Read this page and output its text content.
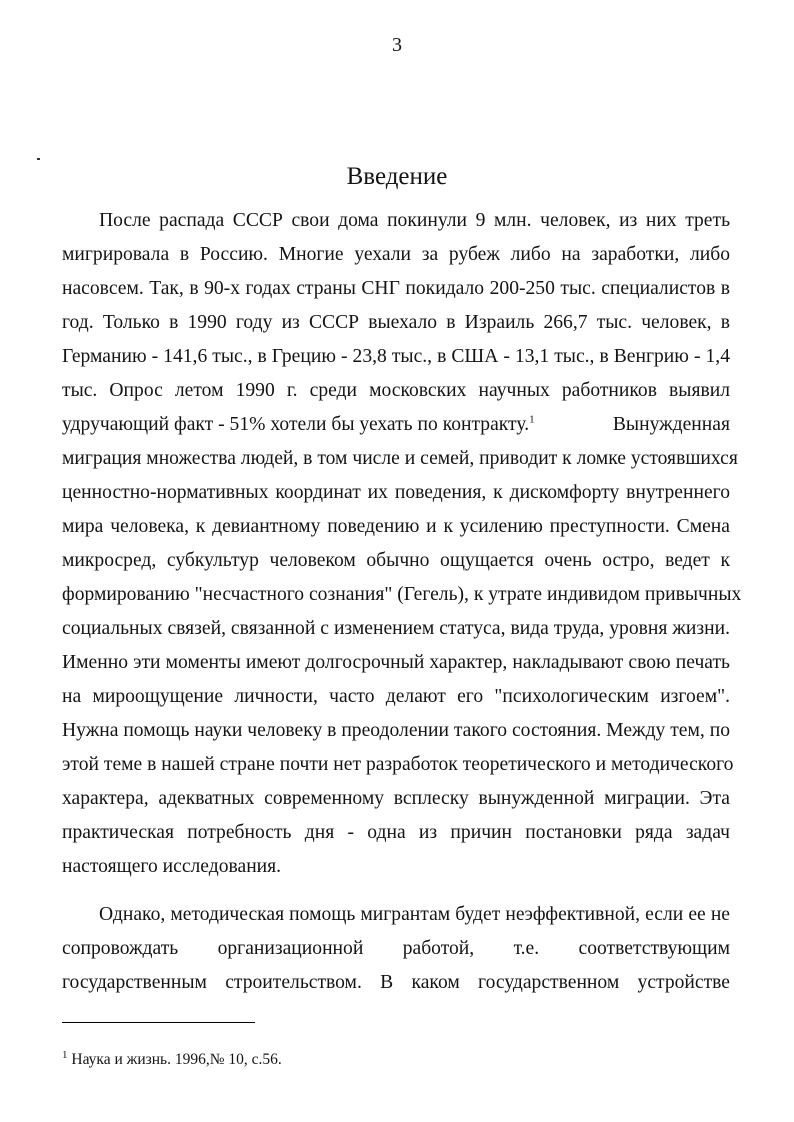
3
Введение
После распада СССР свои дома покинули 9 млн. человек, из них треть
мигрировала в Россию. Многие уехали за рубеж либо на заработки, либо
насовсем. Так, в 90-х годах страны СНГ покидало 200-250 тыс. специалистов в
год. Только в 1990 году из СССР выехало в Израиль 266,7 тыс. человек, в
Германию - 141,6 тыс., в Грецию - 23,8 тыс., в США - 13,1 тыс., в Венгрию - 1,4
тыс. Опрос летом 1990 г. среди московских научных работников выявил
удручающий факт - 51% хотели бы уехать по контракту.$^1$	Вынужденная
миграция множества людей, в том числе и семей, приводит к ломке устоявшихся
ценностно-нормативных координат их поведения, к дискомфорту внутреннего
мира человека, к девиантному поведению и к усилению преступности. Смена
микросред, субкультур человеком обычно ощущается очень остро, ведет к
формированию "несчастного сознания" (Гегель), к утрате индивидом привычных
социальных связей, связанной с изменением статуса, вида труда, уровня жизни.
Именно эти моменты имеют долгосрочный характер, накладывают свою печать
на мироощущение личности, часто делают его "психологическим изгоем".
Нужна помощь науки человеку в преодолении такого состояния. Между тем, по
этой теме в нашей стране почти нет разработок теоретического и методического
характера, адекватных современному всплеску вынужденной миграции. Эта
практическая потребность дня - одна из причин постановки ряда задач
настоящего исследования.
Однако, методическая помощь мигрантам будет неэффективной, если ее не
сопровождать организационной работой, т.е. соответствующим
государственным строительством. В каком государственном устройстве
$^1$ Наука и жизнь. 1996,№ 10, с.56.
